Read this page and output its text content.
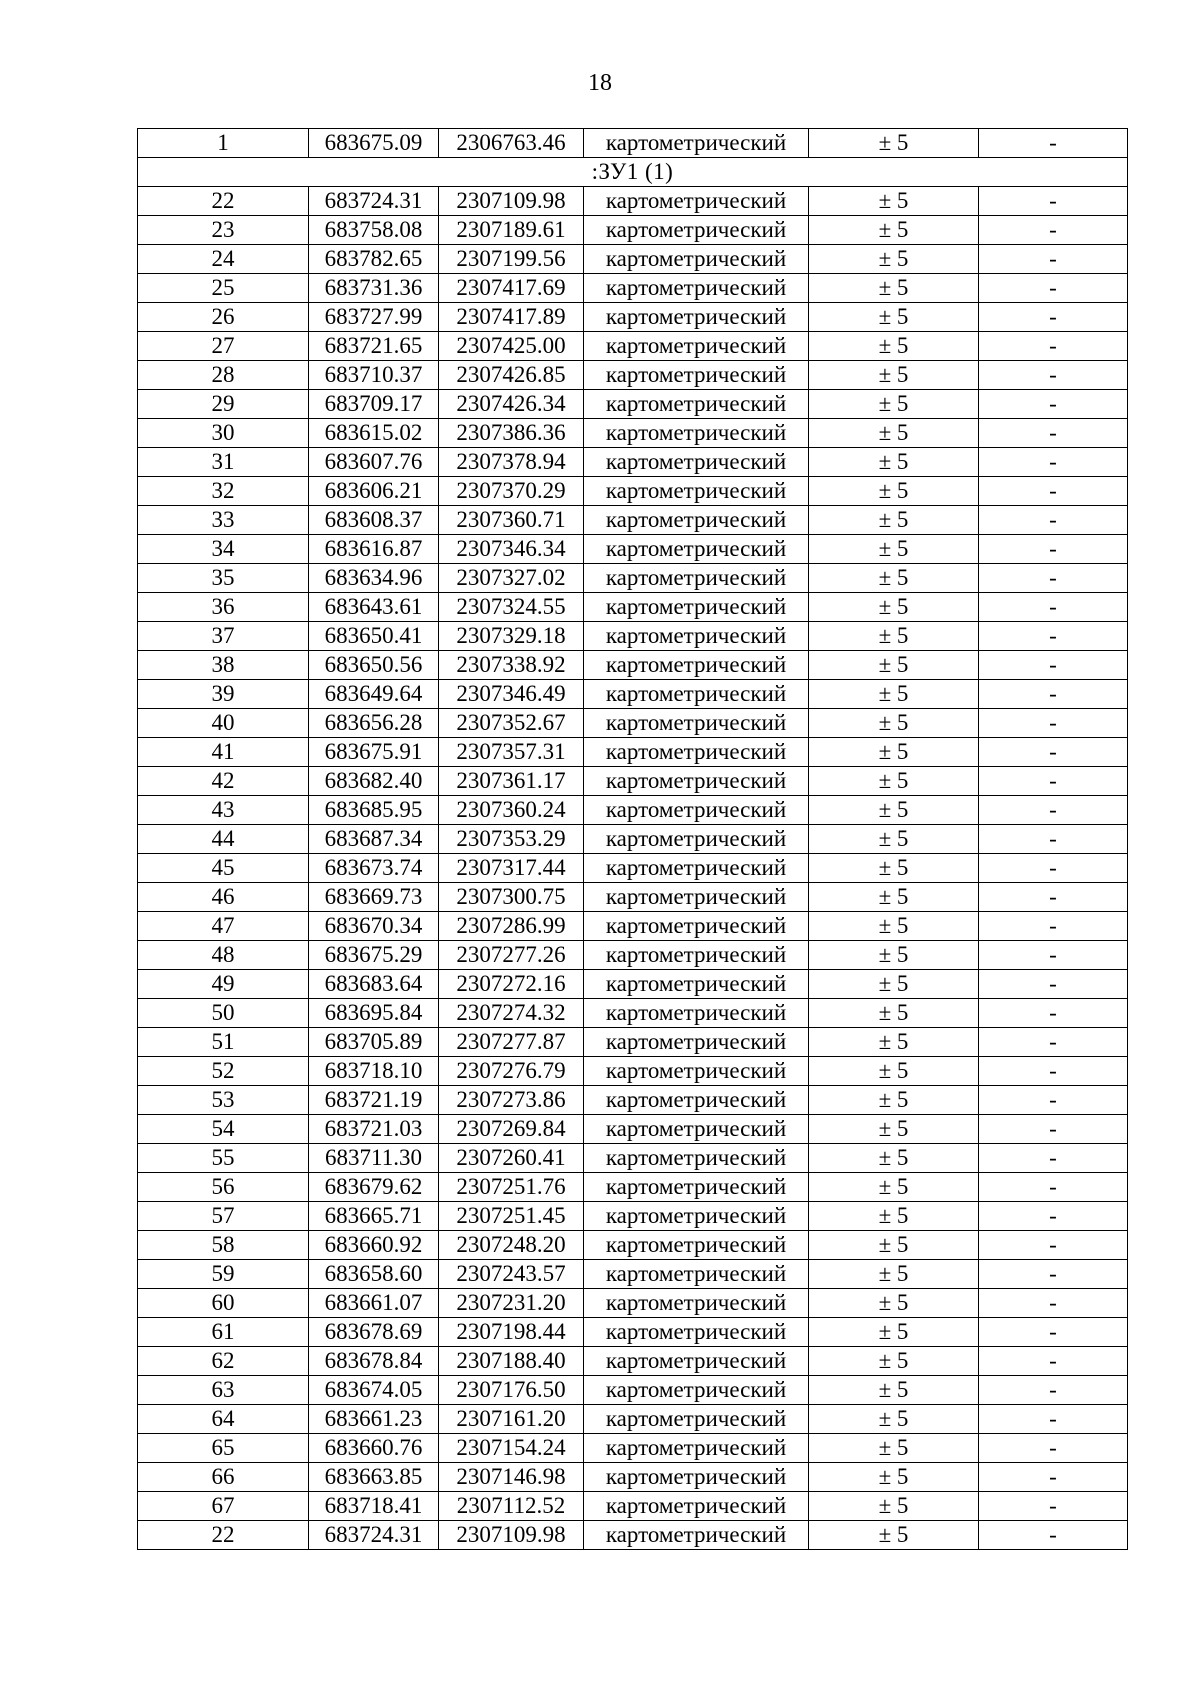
18
1	683675.09	2306763.46	картометрический	± 5	-
:ЗУ1 (1)					
22	683724.31	2307109.98	картометрический	± 5	-
23	683758.08	2307189.61	картометрический	± 5	-
24	683782.65	2307199.56	картометрический	± 5	-
25	683731.36	2307417.69	картометрический	± 5	-
26	683727.99	2307417.89	картометрический	± 5	-
27	683721.65	2307425.00	картометрический	± 5	-
28	683710.37	2307426.85	картометрический	± 5	-
29	683709.17	2307426.34	картометрический	± 5	-
30	683615.02	2307386.36	картометрический	± 5	-
31	683607.76	2307378.94	картометрический	± 5	-
32	683606.21	2307370.29	картометрический	± 5	-
33	683608.37	2307360.71	картометрический	± 5	-
34	683616.87	2307346.34	картометрический	± 5	-
35	683634.96	2307327.02	картометрический	± 5	-
36	683643.61	2307324.55	картометрический	± 5	-
37	683650.41	2307329.18	картометрический	± 5	-
38	683650.56	2307338.92	картометрический	± 5	-
39	683649.64	2307346.49	картометрический	± 5	-
40	683656.28	2307352.67	картометрический	± 5	-
41	683675.91	2307357.31	картометрический	± 5	-
42	683682.40	2307361.17	картометрический	± 5	-
43	683685.95	2307360.24	картометрический	± 5	-
44	683687.34	2307353.29	картометрический	± 5	-
45	683673.74	2307317.44	картометрический	± 5	-
46	683669.73	2307300.75	картометрический	± 5	-
47	683670.34	2307286.99	картометрический	± 5	-
48	683675.29	2307277.26	картометрический	± 5	-
49	683683.64	2307272.16	картометрический	± 5	-
50	683695.84	2307274.32	картометрический	± 5	-
51	683705.89	2307277.87	картометрический	± 5	-
52	683718.10	2307276.79	картометрический	± 5	-
53	683721.19	2307273.86	картометрический	± 5	-
54	683721.03	2307269.84	картометрический	± 5	-
55	683711.30	2307260.41	картометрический	± 5	-
56	683679.62	2307251.76	картометрический	± 5	-
57	683665.71	2307251.45	картометрический	± 5	-
58	683660.92	2307248.20	картометрический	± 5	-
59	683658.60	2307243.57	картометрический	± 5	-
60	683661.07	2307231.20	картометрический	± 5	-
61	683678.69	2307198.44	картометрический	± 5	-
62	683678.84	2307188.40	картометрический	± 5	-
63	683674.05	2307176.50	картометрический	± 5	-
64	683661.23	2307161.20	картометрический	± 5	-
65	683660.76	2307154.24	картометрический	± 5	-
66	683663.85	2307146.98	картометрический	± 5	-
67	683718.41	2307112.52	картометрический	± 5	-
22	683724.31	2307109.98	картометрический	± 5	-
